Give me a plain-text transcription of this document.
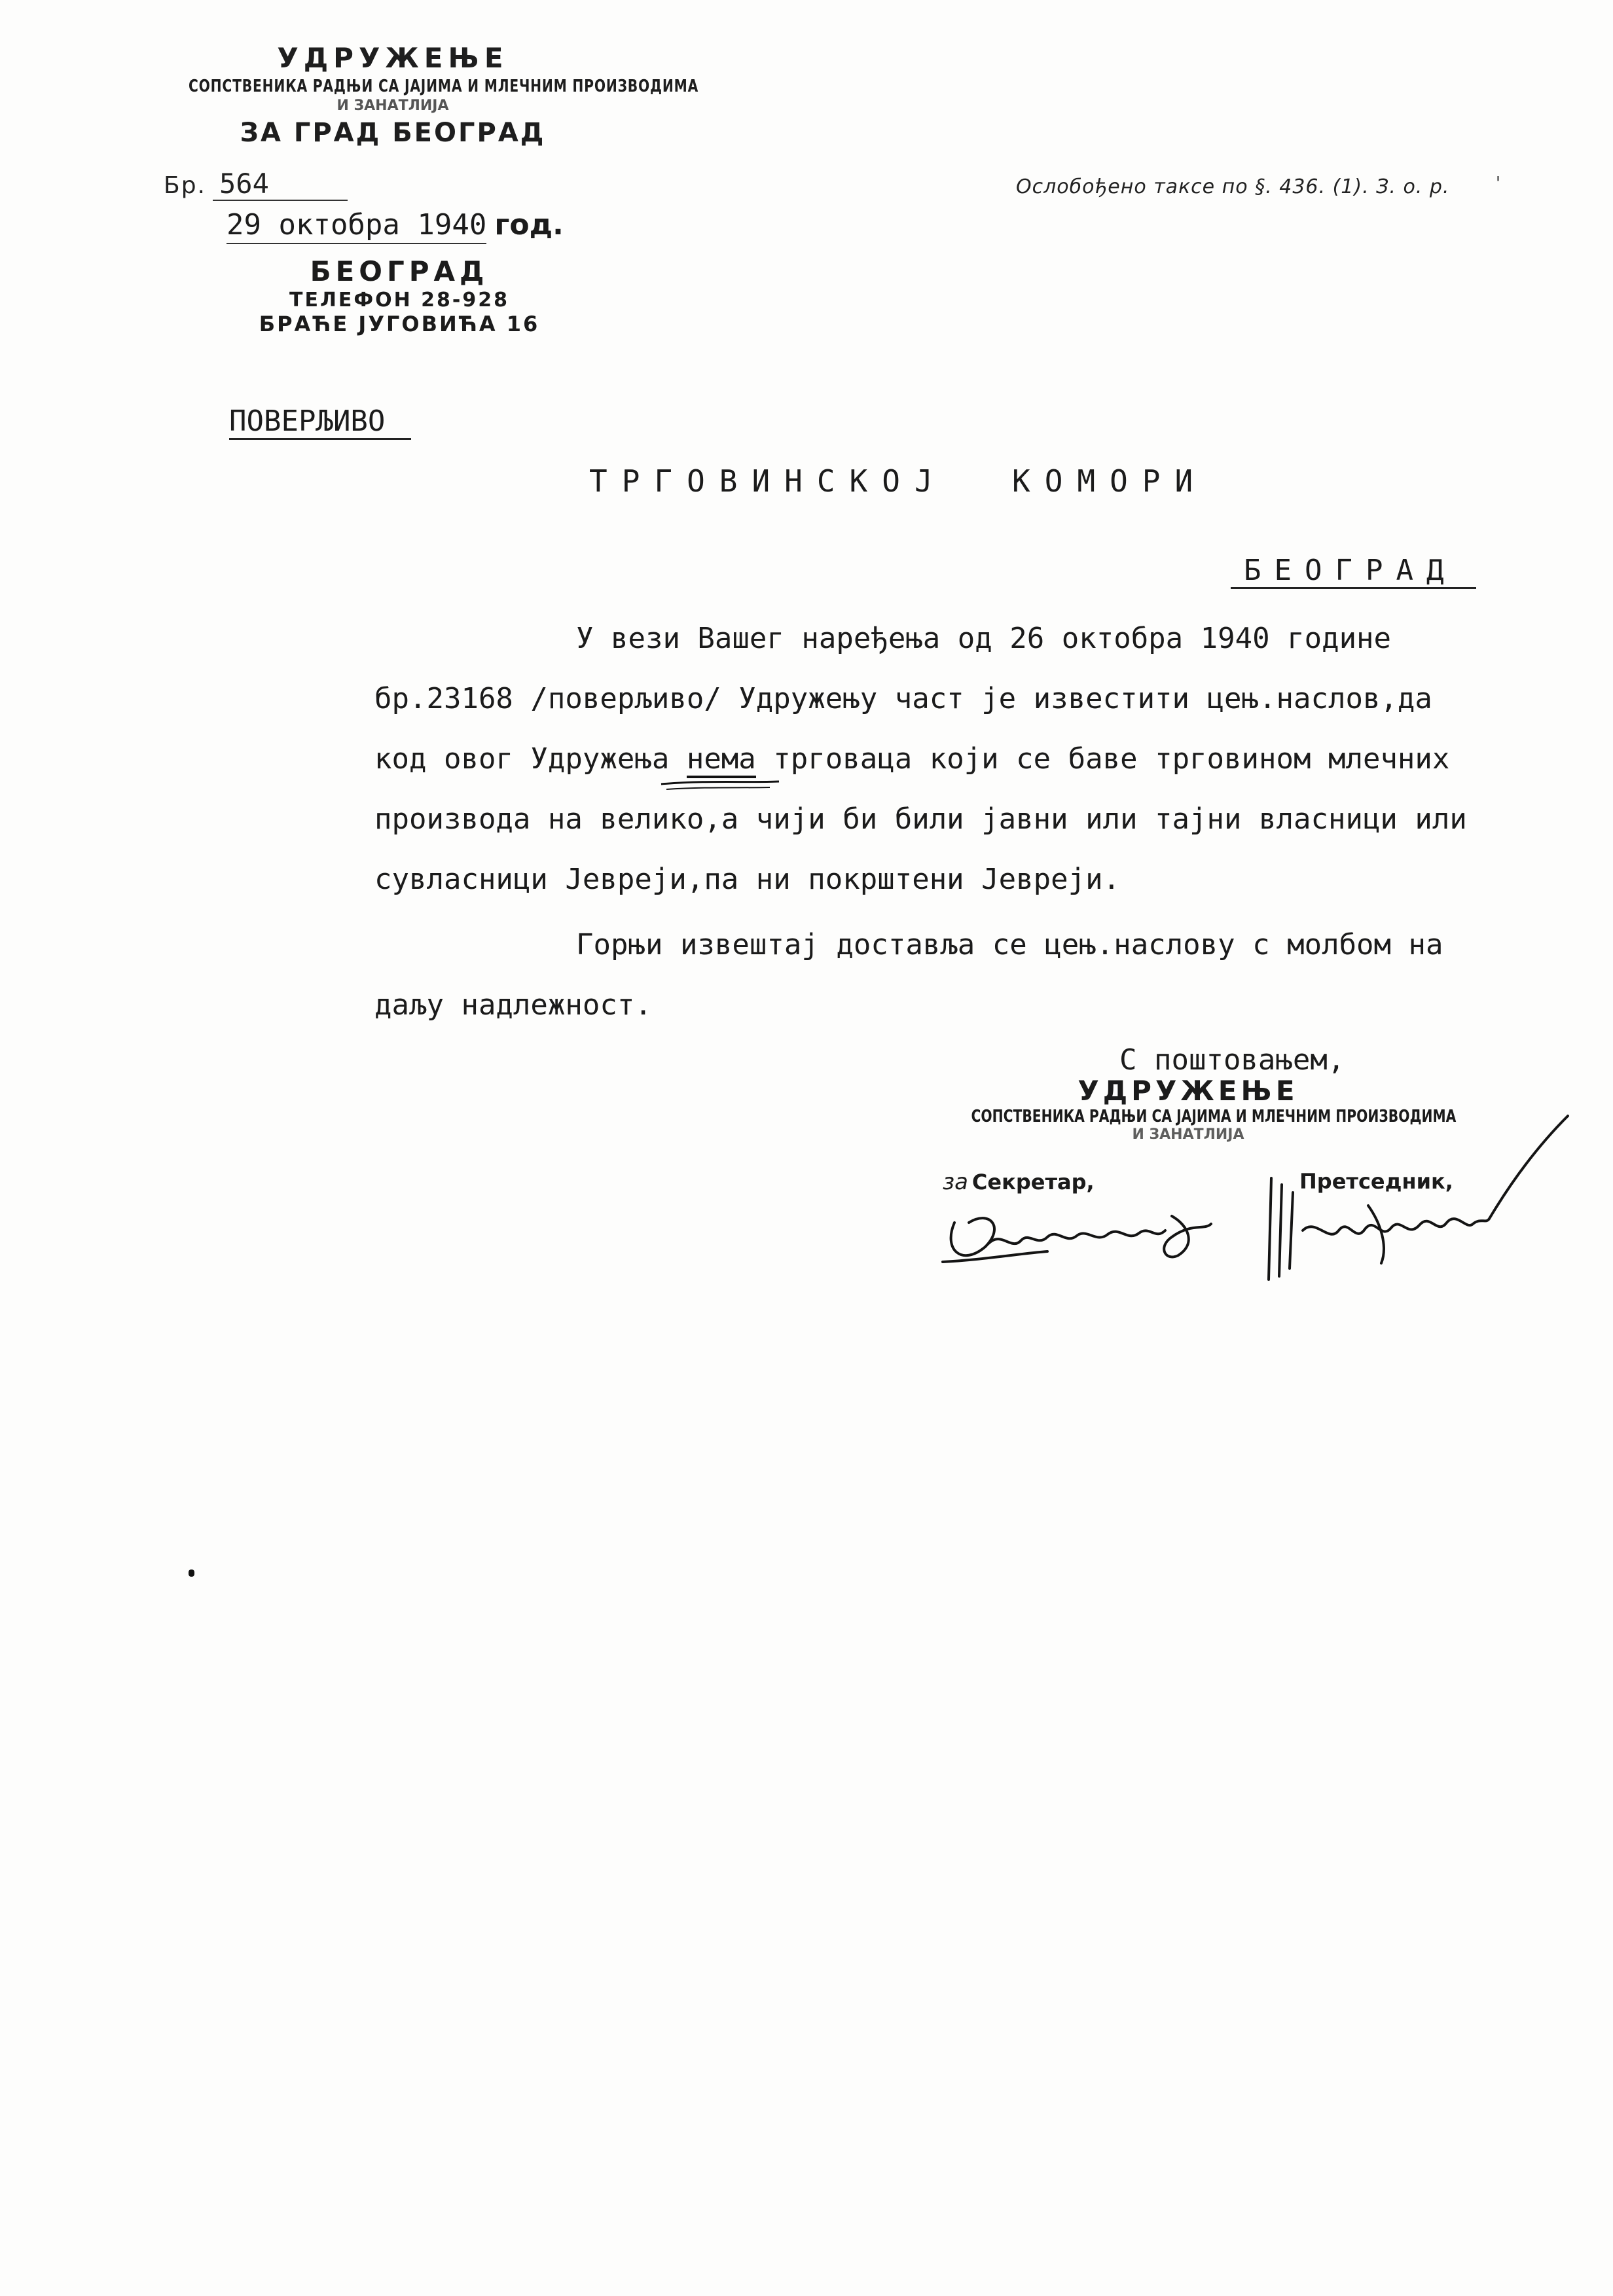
УДРУЖЕЊЕ
СОПСТВЕНИКА РАДЊИ СА ЈАЈИМА И МЛЕЧНИМ ПРОИЗВОДИМА
И ЗАНАТЛИЈА
ЗА ГРАД БЕОГРАД
Бр. 564
29 октобра 1940 год.
БЕОГРАД
ТЕЛЕФОН 28-928
БРАЋЕ ЈУГОВИЋА 16
Ослобођено таксе по §. 436. (1). З. о. р. ˈ
ПОВЕРЉИВО
ТРГОВИНСКОЈ  КОМОРИ
БЕОГРАД
У вези Вашег наређења од 26 октобра 1940 године
бр.23168 /поверљиво/ Удружењу част је известити цењ.наслов,да
код овог Удружења нема трговаца који се баве трговином млечних
производа на велико,а чији би били јавни или тајни власници или
сувласници Јевреји,па ни покрштени Јевреји.
Горњи извештај доставља се цењ.наслову с молбом на
даљу надлежност.
С поштовањем,
УДРУЖЕЊЕ
СОПСТВЕНИКА РАДЊИ СА ЈАЈИМА И МЛЕЧНИМ ПРОИЗВОДИМА
И ЗАНАТЛИЈА
за Секретар,	Претседник,
